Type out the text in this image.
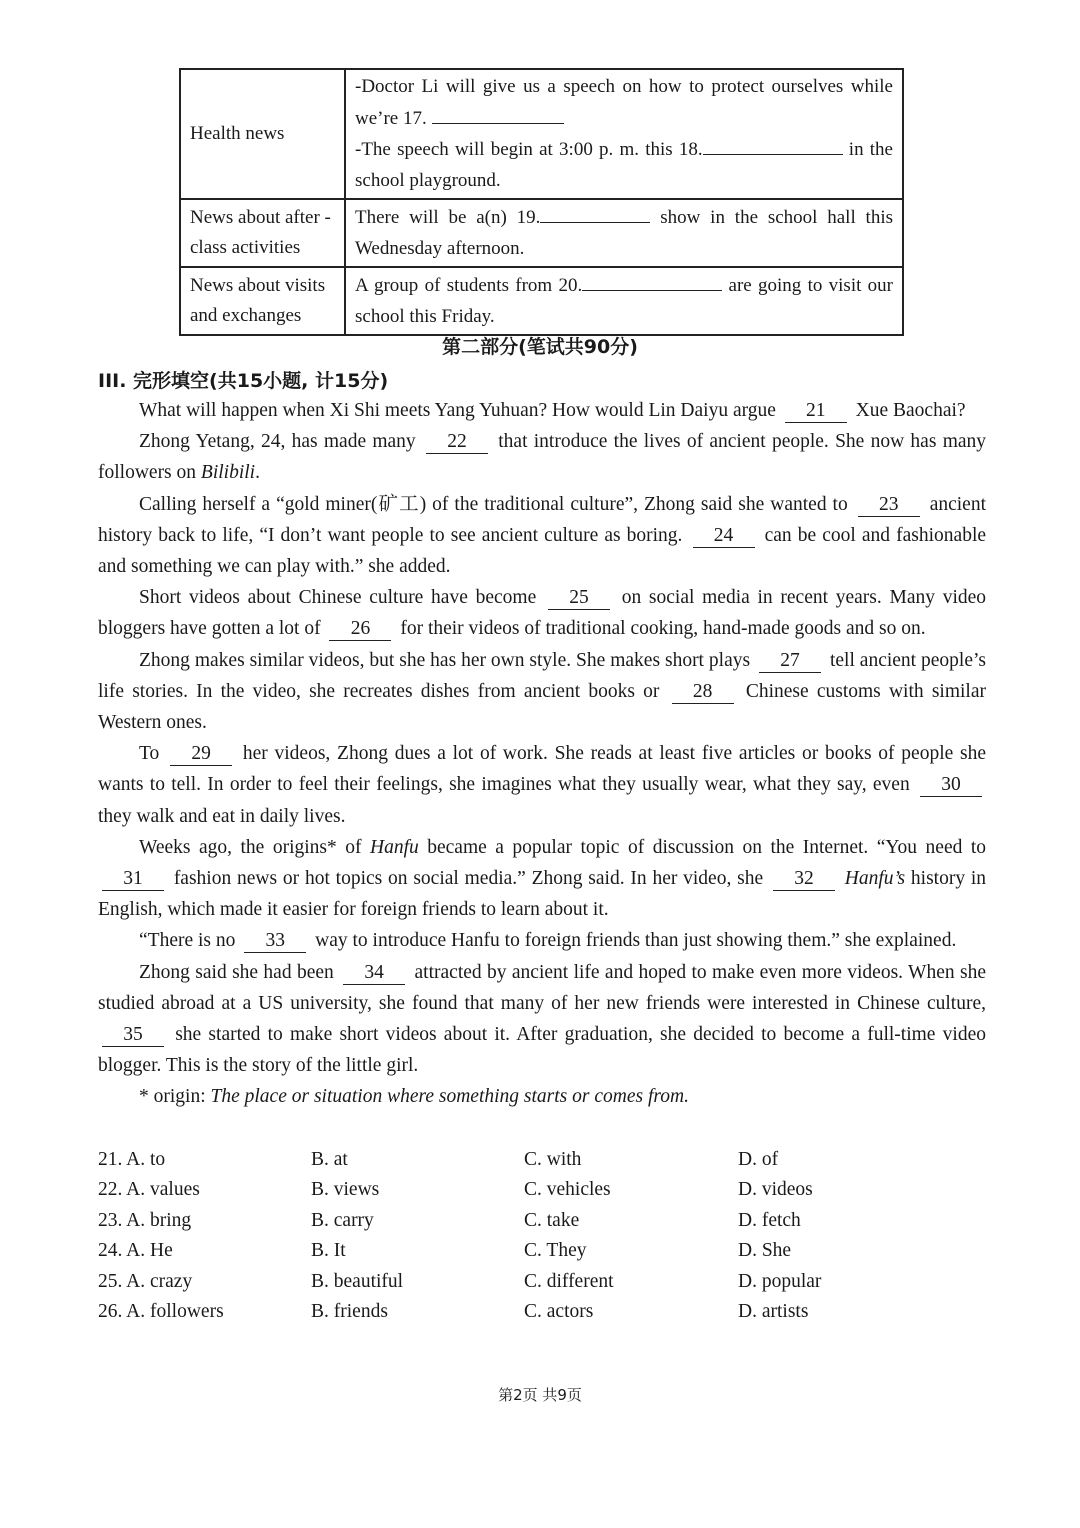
Health news	-Doctor Li will give us a speech on how to protect ourselves while we’re 17.
-The speech will begin at 3:00 p. m. this 18. in the school playground.
News about after -class activities	There will be a(n) 19. show in the school hall this Wednesday afternoon.
News about visits and exchanges	A group of students from 20. are going to visit our school this Friday.
第二部分(笔试共90分)
III. 完形填空(共15小题, 计15分)

What will happen when Xi Shi meets Yang Yuhuan? How would Lin Daiyu argue 21 Xue Baochai?

Zhong Yetang, 24, has made many 22 that introduce the lives of ancient people. She now has many followers on Bilibili.

Calling herself a “gold miner(矿工) of the traditional culture”, Zhong said she wanted to 23 ancient history back to life, “I don’t want people to see ancient culture as boring. 24 can be cool and fashionable and something we can play with.” she added.

Short videos about Chinese culture have become 25 on social media in recent years. Many video bloggers have gotten a lot of 26 for their videos of traditional cooking, hand-made goods and so on.

Zhong makes similar videos, but she has her own style. She makes short plays 27 tell ancient people’s life stories. In the video, she recreates dishes from ancient books or 28 Chinese customs with similar Western ones.

To 29 her videos, Zhong dues a lot of work. She reads at least five articles or books of people she wants to tell. In order to feel their feelings, she imagines what they usually wear, what they say, even 30 they walk and eat in daily lives.

Weeks ago, the origins* of Hanfu became a popular topic of discussion on the Internet. “You need to 31 fashion news or hot topics on social media.” Zhong said. In her video, she 32 Hanfu’s history in English, which made it easier for foreign friends to learn about it.

“There is no 33 way to introduce Hanfu to foreign friends than just showing them.” she explained.

Zhong said she had been 34 attracted by ancient life and hoped to make even more videos. When she studied abroad at a US university, she found that many of her new friends were interested in Chinese culture, 35 she started to make short videos about it. After graduation, she decided to become a full-time video blogger. This is the story of the little girl.

* origin: The place or situation where something starts or comes from.

21. A. to	B. at	C. with	D. of
22. A. values	B. views	C. vehicles	D. videos
23. A. bring	B. carry	C. take	D. fetch
24. A. He	B. It	C. They	D. She
25. A. crazy	B. beautiful	C. different	D. popular
26. A. followers	B. friends	C. actors	D. artists
第2页 共9页
